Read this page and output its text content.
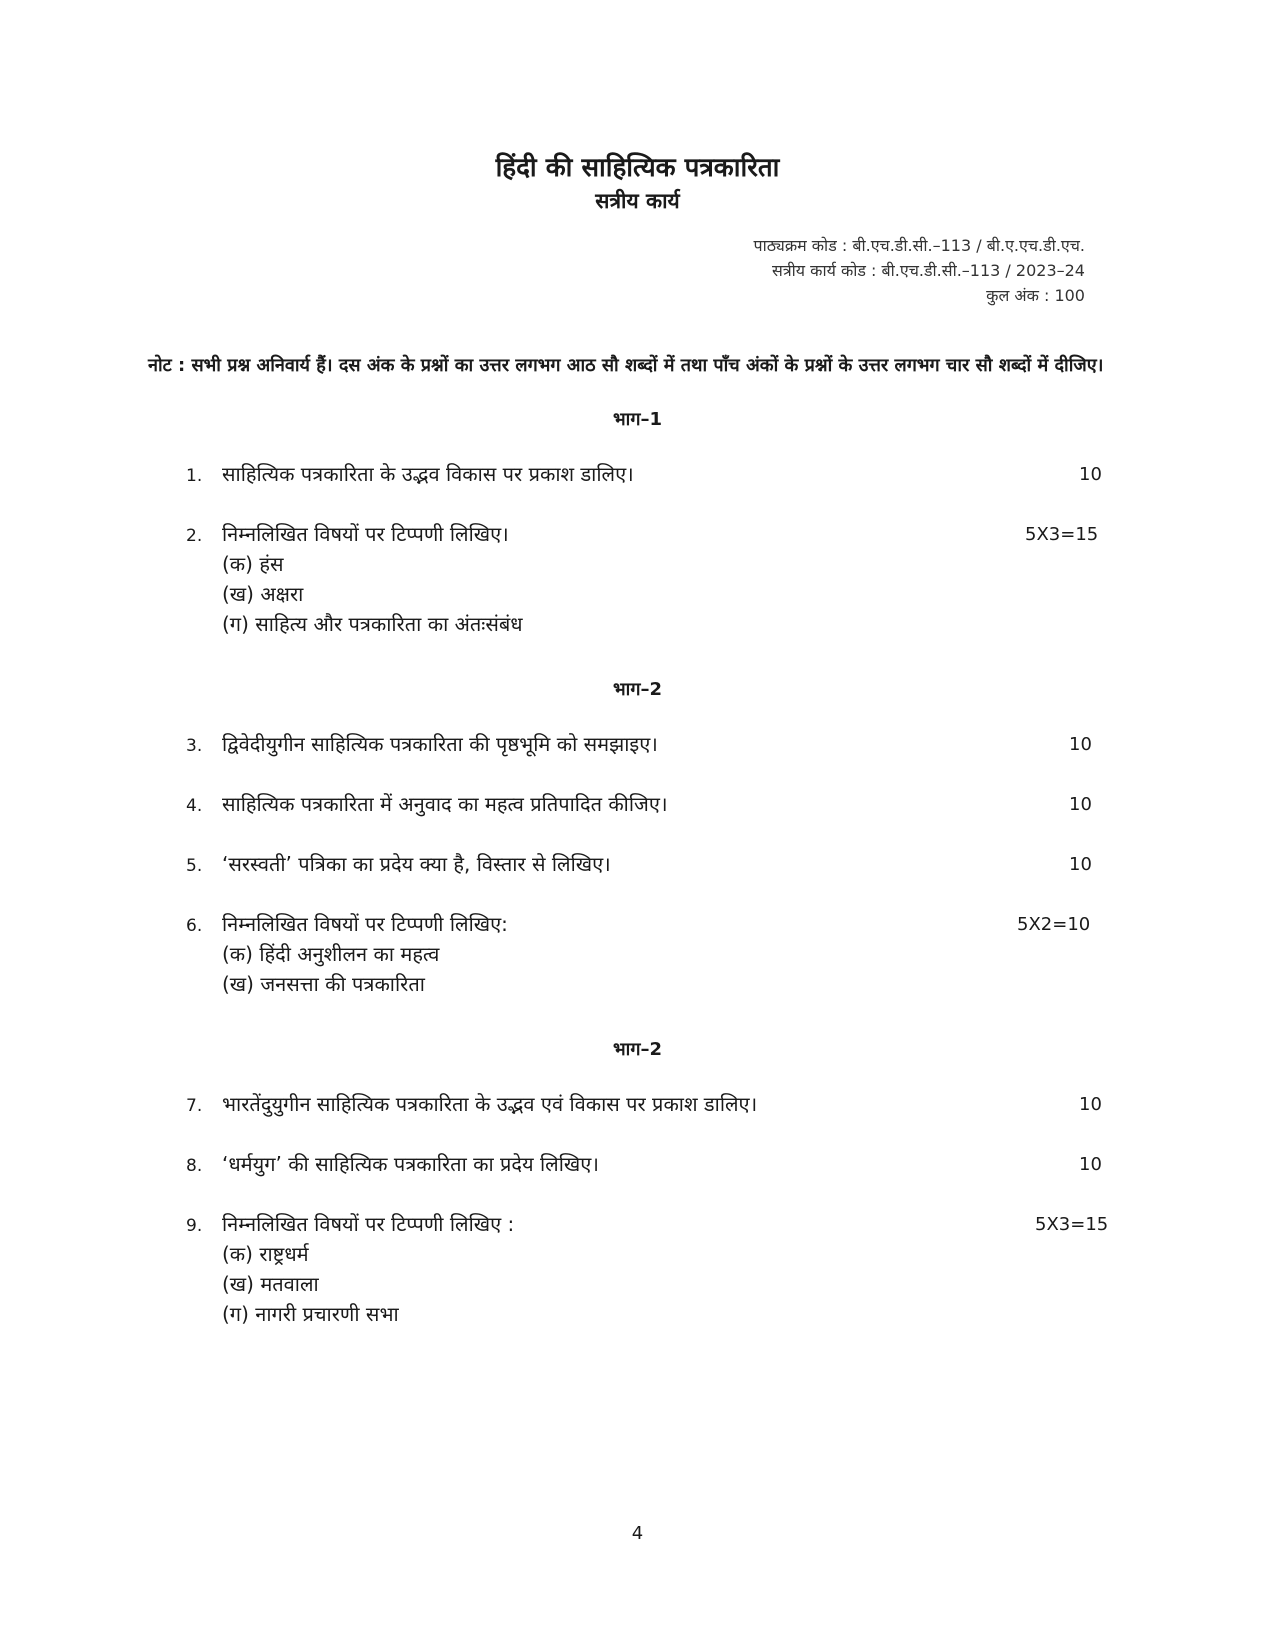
हिंदी की साहित्यिक पत्रकारिता
सत्रीय कार्य
पाठ्यक्रम कोड : बी.एच.डी.सी.–113 / बी.ए.एच.डी.एच.
सत्रीय कार्य कोड : बी.एच.डी.सी.–113 / 2023–24
कुल अंक : 100
नोट : सभी प्रश्न अनिवार्य हैं। दस अंक के प्रश्नों का उत्तर लगभग आठ सौ शब्दों में तथा पाँच अंकों के प्रश्नों के उत्तर लगभग चार सौ शब्दों में दीजिए।
भाग–1
1. साहित्यिक पत्रकारिता के उद्भव विकास पर प्रकाश डालिए।	10
2. निम्नलिखित विषयों पर टिप्पणी लिखिए।	5X3=15
(क) हंस
(ख) अक्षरा
(ग) साहित्य और पत्रकारिता का अंतःसंबंध
भाग–2
3. द्विवेदीयुगीन साहित्यिक पत्रकारिता की पृष्ठभूमि को समझाइए।	10
4. साहित्यिक पत्रकारिता में अनुवाद का महत्व प्रतिपादित कीजिए।	10
5. ‘सरस्वती’ पत्रिका का प्रदेय क्या है, विस्तार से लिखिए।	10
6. निम्नलिखित विषयों पर टिप्पणी लिखिए:	5X2=10
(क) हिंदी अनुशीलन का महत्व
(ख) जनसत्ता की पत्रकारिता
भाग–2
7. भारतेंदुयुगीन साहित्यिक पत्रकारिता के उद्भव एवं विकास पर प्रकाश डालिए।	10
8. ‘धर्मयुग’ की साहित्यिक पत्रकारिता का प्रदेय लिखिए।	10
9. निम्नलिखित विषयों पर टिप्पणी लिखिए :	5X3=15
(क) राष्ट्रधर्म
(ख) मतवाला
(ग) नागरी प्रचारणी सभा
4
